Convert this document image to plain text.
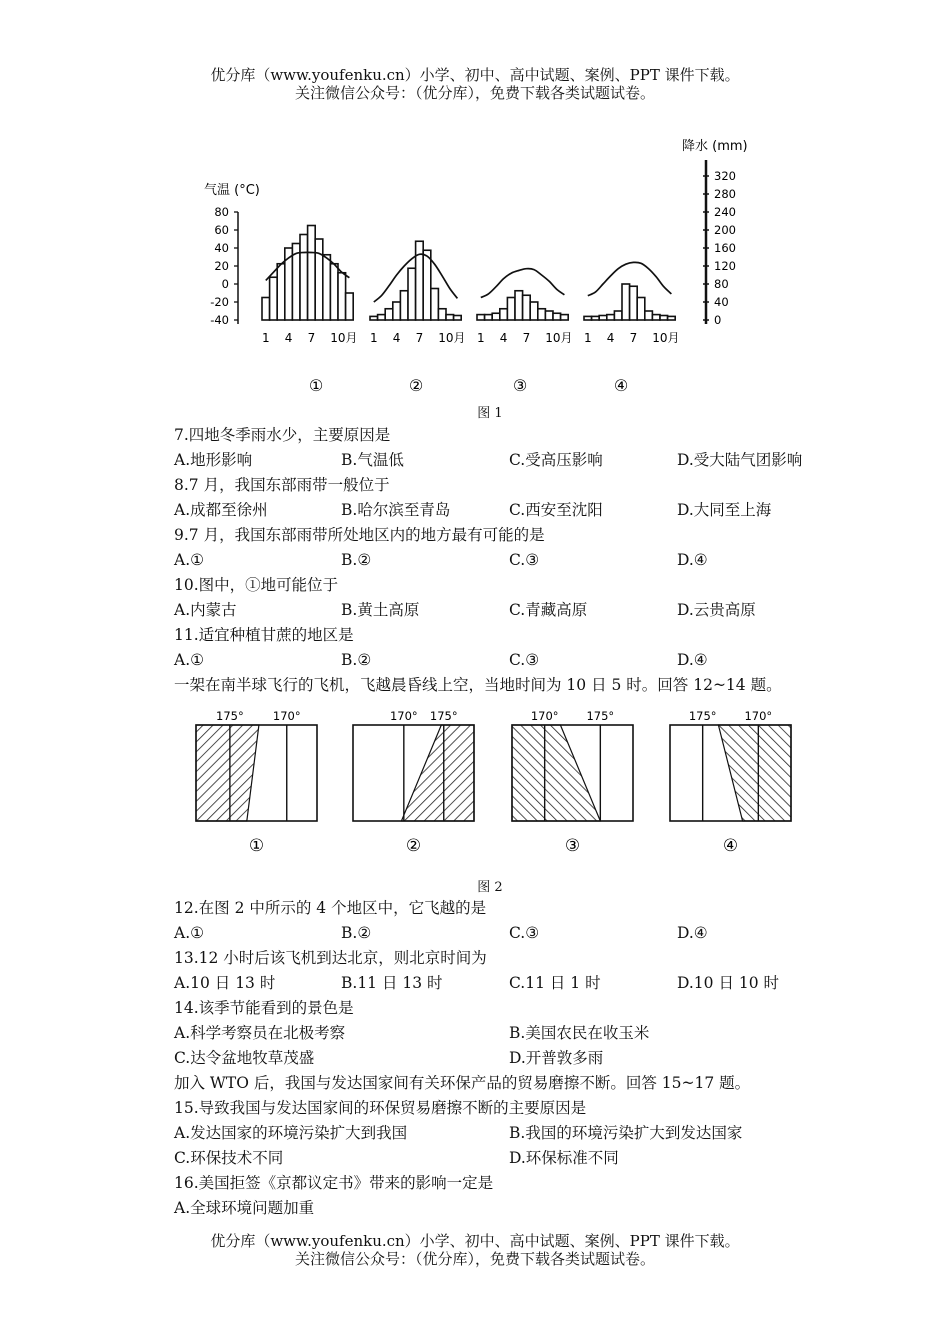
优分库（www.youfenku.cn）小学、初中、高中试题、案例、PPT 课件下载。
关注微信公众号：（优分库），免费下载各类试题试卷。
气温 (°C)
降水 (mm)
80
60
40
20
0
-20
-40
320
280
240
200
160
120
80
40
0
1 4 7 10月
①
1 4 7 10月
②
1 4 7 10月
③
1 4 7 10月
④
图 1
7.四地冬季雨水少，主要原因是
A.地形影响	B.气温低	C.受高压影响	D.受大陆气团影响
8.7 月，我国东部雨带一般位于
A.成都至徐州	B.哈尔滨至青岛	C.西安至沈阳	D.大同至上海
9.7 月，我国东部雨带所处地区内的地方最有可能的是
A.①	B.②	C.③	D.④
10.图中，①地可能位于
A.内蒙古	B.黄土高原	C.青藏高原	D.云贵高原
11.适宜种植甘蔗的地区是
A.①	B.②	C.③	D.④
一架在南半球飞行的飞机，飞越晨昏线上空，当地时间为 10 日 5 时。回答 12~14 题。
175°	170°
①
170° 175°
②
170° 175°
③
175° 170°
④
图 2
12.在图 2 中所示的 4 个地区中，它飞越的是
A.①	B.②	C.③	D.④
13.12 小时后该飞机到达北京，则北京时间为
A.10 日 13 时	B.11 日 13 时	C.11 日 1 时	D.10 日 10 时
14.该季节能看到的景色是
A.科学考察员在北极考察	B.美国农民在收玉米
C.达令盆地牧草茂盛	D.开普敦多雨
加入 WTO 后，我国与发达国家间有关环保产品的贸易磨擦不断。回答 15~17 题。
15.导致我国与发达国家间的环保贸易磨擦不断的主要原因是
A.发达国家的环境污染扩大到我国	B.我国的环境污染扩大到发达国家
C.环保技术不同	D.环保标准不同
16.美国拒签《京都议定书》带来的影响一定是
A.全球环境问题加重
优分库（www.youfenku.cn）小学、初中、高中试题、案例、PPT 课件下载。
关注微信公众号：（优分库），免费下载各类试题试卷。
